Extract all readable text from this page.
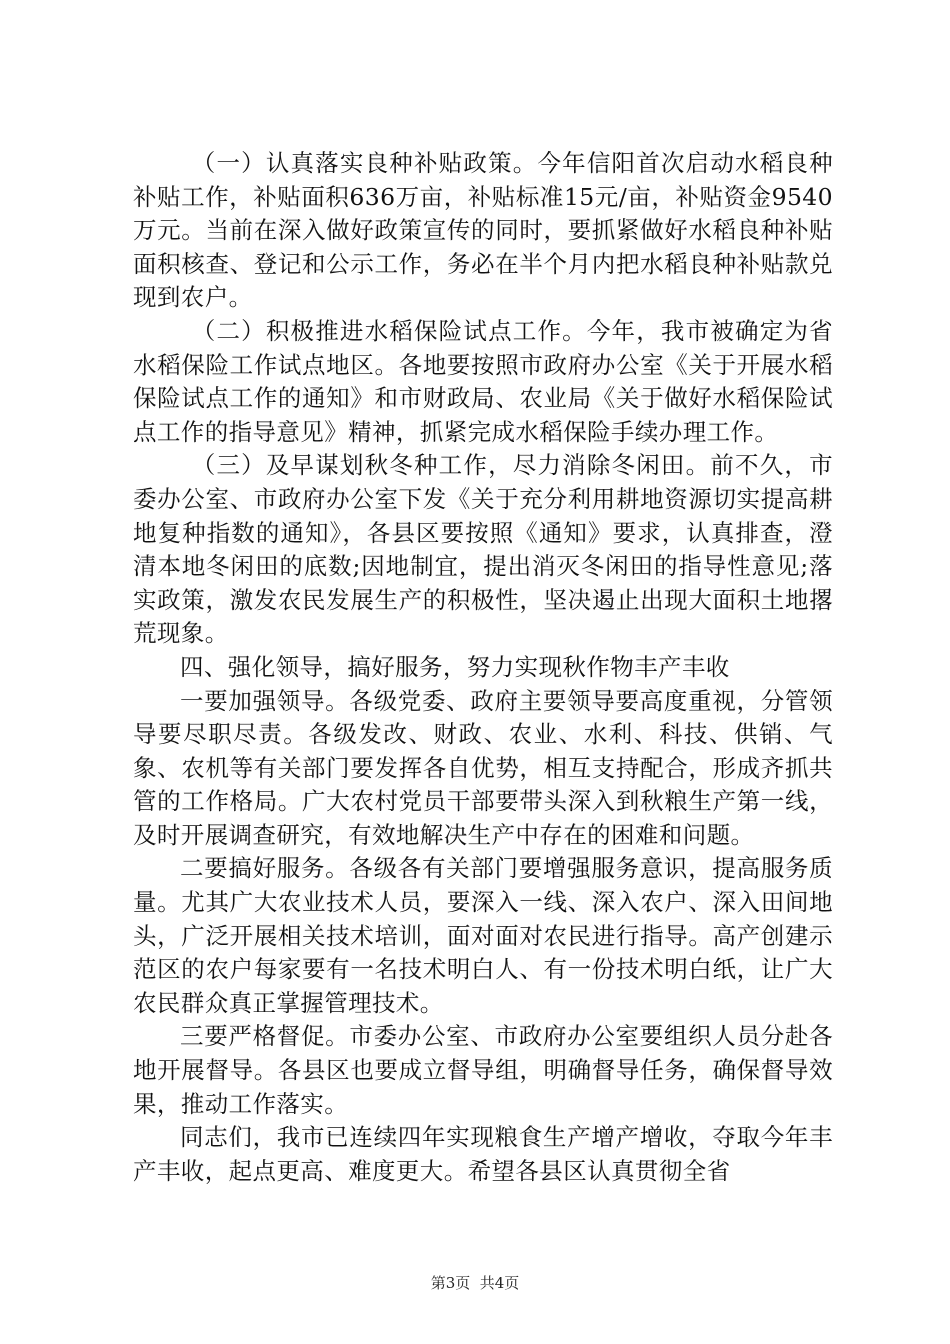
（一）认真落实良种补贴政策。今年信阳首次启动水稻良种补贴工作，补贴面积636万亩，补贴标准15元/亩，补贴资金9540万元。当前在深入做好政策宣传的同时，要抓紧做好水稻良种补贴面积核查、登记和公示工作，务必在半个月内把水稻良种补贴款兑现到农户。

（二）积极推进水稻保险试点工作。今年，我市被确定为省水稻保险工作试点地区。各地要按照市政府办公室《关于开展水稻保险试点工作的通知》和市财政局、农业局《关于做好水稻保险试点工作的指导意见》精神，抓紧完成水稻保险手续办理工作。

（三）及早谋划秋冬种工作，尽力消除冬闲田。前不久，市委办公室、市政府办公室下发《关于充分利用耕地资源切实提高耕地复种指数的通知》，各县区要按照《通知》要求，认真排查，澄清本地冬闲田的底数;因地制宜，提出消灭冬闲田的指导性意见;落实政策，激发农民发展生产的积极性，坚决遏止出现大面积土地撂荒现象。

四、强化领导，搞好服务，努力实现秋作物丰产丰收

一要加强领导。各级党委、政府主要领导要高度重视，分管领导要尽职尽责。各级发改、财政、农业、水利、科技、供销、气象、农机等有关部门要发挥各自优势，相互支持配合，形成齐抓共管的工作格局。广大农村党员干部要带头深入到秋粮生产第一线，及时开展调查研究，有效地解决生产中存在的困难和问题。

二要搞好服务。各级各有关部门要增强服务意识，提高服务质量。尤其广大农业技术人员，要深入一线、深入农户、深入田间地头，广泛开展相关技术培训，面对面对农民进行指导。高产创建示范区的农户每家要有一名技术明白人、有一份技术明白纸，让广大农民群众真正掌握管理技术。

三要严格督促。市委办公室、市政府办公室要组织人员分赴各地开展督导。各县区也要成立督导组，明确督导任务，确保督导效果，推动工作落实。

同志们，我市已连续四年实现粮食生产增产增收，夺取今年丰产丰收，起点更高、难度更大。希望各县区认真贯彻全省

第3页  共4页
